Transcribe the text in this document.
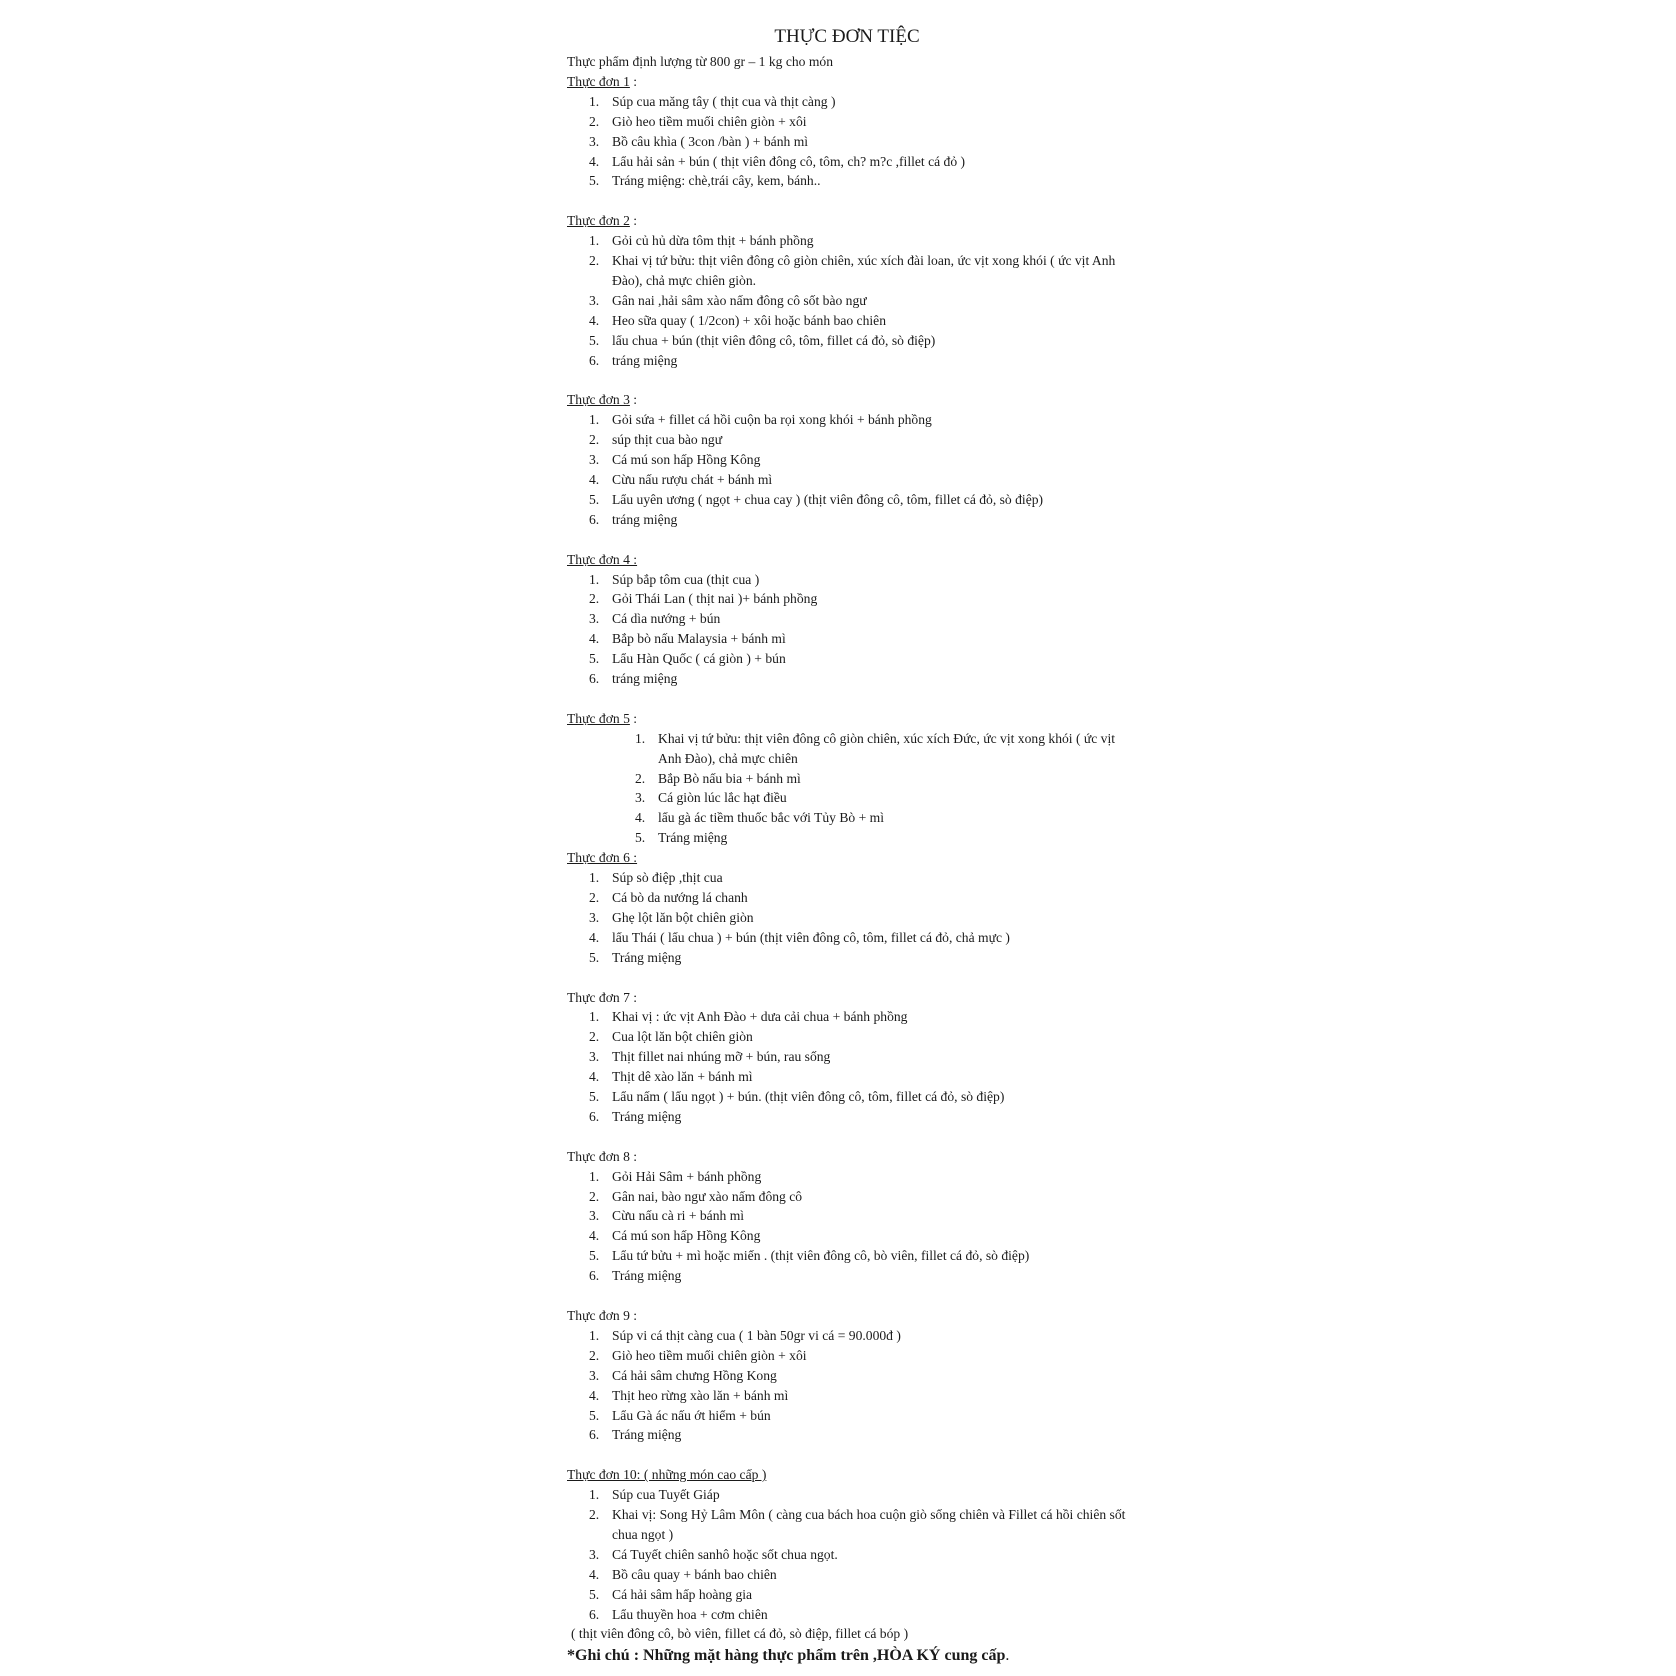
THỰC ĐƠN TIỆC

Thực phẩm định lượng từ 800 gr – 1 kg cho món

Thực đơn 1 :

1. Súp cua măng tây ( thịt cua và thịt càng )
2. Giò heo tiềm muối chiên giòn + xôi
3. Bồ câu khìa ( 3con /bàn ) + bánh mì
4. Lẩu hải sản + bún ( thịt viên đông cô, tôm, ch? m?c ,fillet cá đỏ )
5. Tráng miệng: chè,trái cây, kem, bánh..

Thực đơn 2 :

1. Gỏi củ hủ dừa tôm thịt + bánh phồng
2. Khai vị tứ bửu: thịt viên đông cô giòn chiên, xúc xích đài loan, ức vịt xong khói ( ức vịt Anh Đào), chả mực chiên giòn.
3. Gân nai ,hải sâm xào nấm đông cô sốt bào ngư
4. Heo sữa quay ( 1/2con) + xôi hoặc bánh bao chiên
5. lẩu chua + bún (thịt viên đông cô, tôm, fillet cá đỏ, sò điệp)
6. tráng miệng

Thực đơn 3 :

1. Gỏi sứa + fillet cá hồi cuộn ba rọi xong khói + bánh phồng
2. súp thịt cua bào ngư
3. Cá mú son hấp Hồng Kông
4. Cừu nấu rượu chát + bánh mì
5. Lẩu uyên ương ( ngọt + chua cay ) (thịt viên đông cô, tôm, fillet cá đỏ, sò điệp)
6. tráng miệng

Thực đơn 4 :

1. Súp bắp tôm cua (thịt cua )
2. Gỏi Thái Lan ( thịt nai )+ bánh phồng
3. Cá dìa nướng + bún
4. Bắp bò nấu Malaysia + bánh mì
5. Lẩu Hàn Quốc ( cá giòn ) + bún
6. tráng miệng

Thực đơn 5 :

1. Khai vị tứ bửu: thịt viên đông cô giòn chiên, xúc xích Đức, ức vịt xong khói ( ức vịt Anh Đào), chả mực chiên
2. Bắp Bò nấu bia + bánh mì
3. Cá giòn lúc lắc hạt điều
4. lẩu gà ác tiềm thuốc bắc với Tủy Bò + mì
5. Tráng miệng

Thực đơn 6 :

1. Súp sò điệp ,thịt cua
2. Cá bò da nướng lá chanh
3. Ghẹ lột lăn bột chiên giòn
4. lẩu Thái ( lẩu chua ) + bún (thịt viên đông cô, tôm, fillet cá đỏ, chả mực )
5. Tráng miệng

Thực đơn 7 :

1. Khai vị : ức vịt Anh Đào + dưa cải chua + bánh phồng
2. Cua lột lăn bột chiên giòn
3. Thịt fillet nai nhúng mỡ + bún, rau sống
4. Thịt dê xào lăn + bánh mì
5. Lẩu nấm ( lẩu ngọt ) + bún. (thịt viên đông cô, tôm, fillet cá đỏ, sò điệp)
6. Tráng miệng

Thực đơn 8 :

1. Gỏi Hải Sâm + bánh phồng
2. Gân nai, bào ngư xào nấm đông cô
3. Cừu nấu cà ri + bánh mì
4. Cá mú son hấp Hồng Kông
5. Lẩu tứ bửu + mì hoặc miến . (thịt viên đông cô, bò viên, fillet cá đỏ, sò điệp)
6. Tráng miệng

Thực đơn 9 :

1. Súp vi cá thịt càng cua ( 1 bàn 50gr vi cá = 90.000đ )
2. Giò heo tiềm muối chiên giòn + xôi
3. Cá hải sâm chưng Hồng Kong
4. Thịt heo rừng xào lăn + bánh mì
5. Lẩu Gà ác nấu ớt hiểm + bún
6. Tráng miệng

Thực đơn 10: ( những món cao cấp )

1. Súp cua Tuyết Giáp
2. Khai vị: Song Hỷ Lâm Môn ( càng cua bách hoa cuộn giò sống chiên và Fillet cá hồi chiên sốt chua ngọt )
3. Cá Tuyết chiên sanhô hoặc sốt chua ngọt.
4. Bồ câu quay + bánh bao chiên
5. Cá hải sâm hấp hoàng gia
6. Lẩu thuyền hoa + cơm chiên

( thịt viên đông cô, bò viên, fillet cá đỏ, sò điệp, fillet cá bóp )

*Ghi chú : Những mặt hàng thực phẩm trên ,HÒA KÝ cung cấp.
